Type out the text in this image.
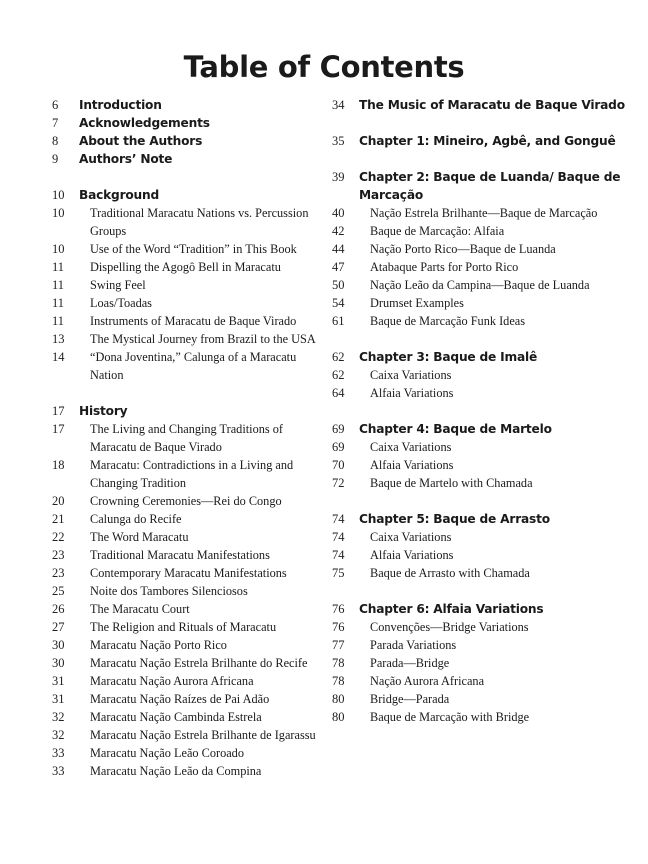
Table of Contents
6	Introduction
7	Acknowledgements
8	About the Authors
9	Authors’ Note
10	Background
10	Traditional Maracatu Nations vs. Percussion Groups
10	Use of the Word “Tradition” in This Book
11	Dispelling the Agogô Bell in Maracatu
11	Swing Feel
11	Loas/Toadas
11	Instruments of Maracatu de Baque Virado
13	The Mystical Journey from Brazil to the USA
14	“Dona Joventina,” Calunga of a Maracatu Nation
17	History
17	The Living and Changing Traditions of Maracatu de Baque Virado
18	Maracatu: Contradictions in a Living and Changing Tradition
20	Crowning Ceremonies—Rei do Congo
21	Calunga do Recife
22	The Word Maracatu
23	Traditional Maracatu Manifestations
23	Contemporary Maracatu Manifestations
25	Noite dos Tambores Silenciosos
26	The Maracatu Court
27	The Religion and Rituals of Maracatu
30	Maracatu Nação Porto Rico
30	Maracatu Nação Estrela Brilhante do Recife
31	Maracatu Nação Aurora Africana
31	Maracatu Nação Raízes de Pai Adão
32	Maracatu Nação Cambinda Estrela
32	Maracatu Nação Estrela Brilhante de Igarassu
33	Maracatu Nação Leão Coroado
33	Maracatu Nação Leão da Compina
34	The Music of Maracatu de Baque Virado
35	Chapter 1: Mineiro, Agbê, and Gonguê
39	Chapter 2: Baque de Luanda/ Baque de Marcação
40	Nação Estrela Brilhante—Baque de Marcação
42	Baque de Marcação: Alfaia
44	Nação Porto Rico—Baque de Luanda
47	Atabaque Parts for Porto Rico
50	Nação Leão da Campina—Baque de Luanda
54	Drumset Examples
61	Baque de Marcação Funk Ideas
62	Chapter 3: Baque de Imalê
62	Caixa Variations
64	Alfaia Variations
69	Chapter 4: Baque de Martelo
69	Caixa Variations
70	Alfaia Variations
72	Baque de Martelo with Chamada
74	Chapter 5: Baque de Arrasto
74	Caixa Variations
74	Alfaia Variations
75	Baque de Arrasto with Chamada
76	Chapter 6: Alfaia Variations
76	Convenções—Bridge Variations
77	Parada Variations
78	Parada—Bridge
78	Nação Aurora Africana
80	Bridge—Parada
80	Baque de Marcação with Bridge
